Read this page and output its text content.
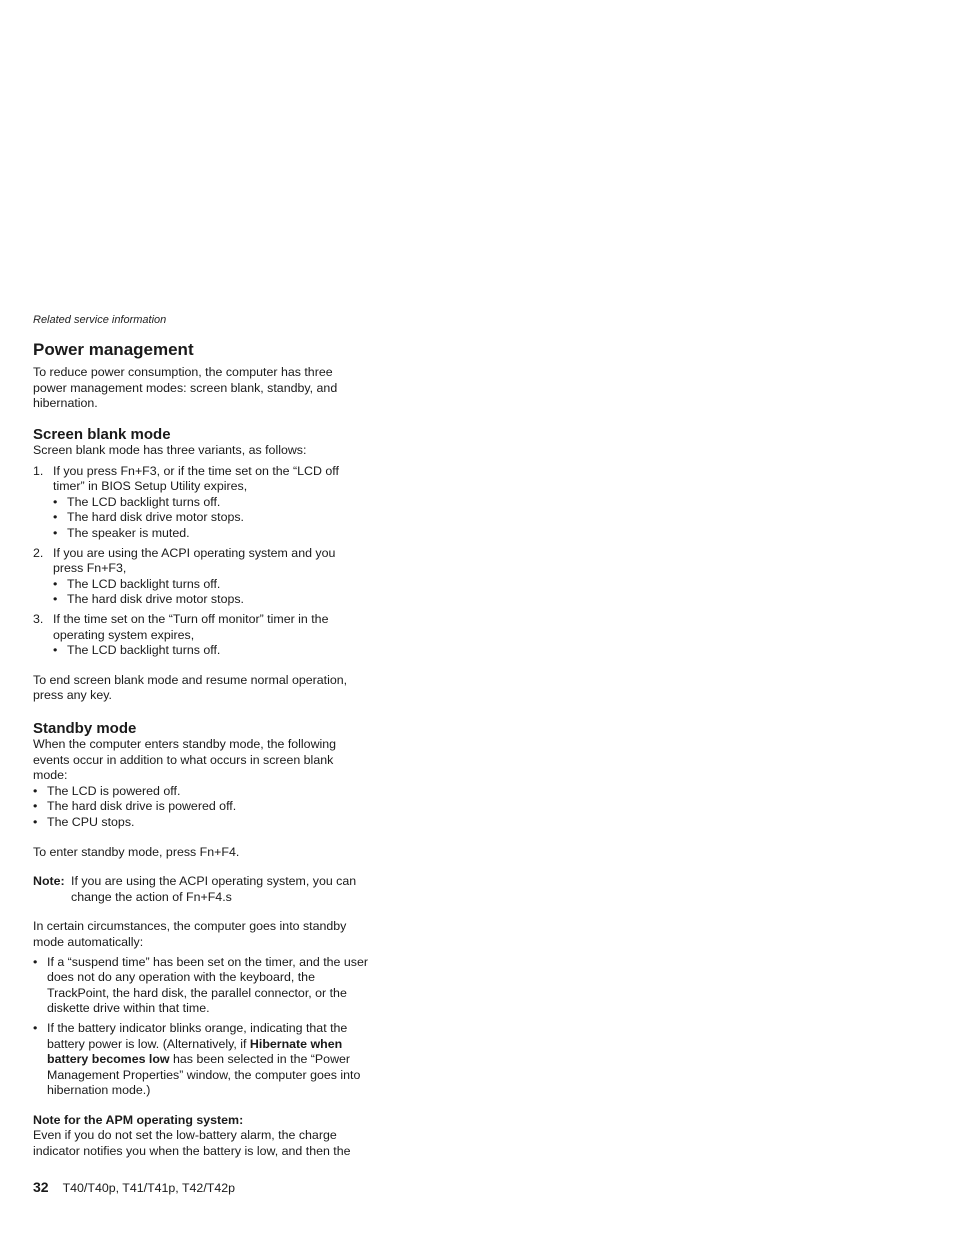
Related service information
Power management

To reduce power consumption, the computer has three power management modes: screen blank, standby, and hibernation.

Screen blank mode

Screen blank mode has three variants, as follows:

1. If you press Fn+F3, or if the time set on the “LCD off timer” in BIOS Setup Utility expires,
• The LCD backlight turns off.
• The hard disk drive motor stops.
• The speaker is muted.
2. If you are using the ACPI operating system and you press Fn+F3,
• The LCD backlight turns off.
• The hard disk drive motor stops.
3. If the time set on the “Turn off monitor” timer in the operating system expires,
• The LCD backlight turns off.

To end screen blank mode and resume normal operation, press any key.

Standby mode

When the computer enters standby mode, the following events occur in addition to what occurs in screen blank mode:

• The LCD is powered off.
• The hard disk drive is powered off.
• The CPU stops.

To enter standby mode, press Fn+F4.

Note: If you are using the ACPI operating system, you can change the action of Fn+F4.s

In certain circumstances, the computer goes into standby mode automatically:

• If a “suspend time” has been set on the timer, and the user does not do any operation with the keyboard, the TrackPoint, the hard disk, the parallel connector, or the diskette drive within that time.
• If the battery indicator blinks orange, indicating that the battery power is low. (Alternatively, if Hibernate when battery becomes low has been selected in the “Power Management Properties” window, the computer goes into hibernation mode.)

Note for the APM operating system:

Even if you do not set the low-battery alarm, the charge indicator notifies you when the battery is low, and then the

32 T40/T40p, T41/T41p, T42/T42p
